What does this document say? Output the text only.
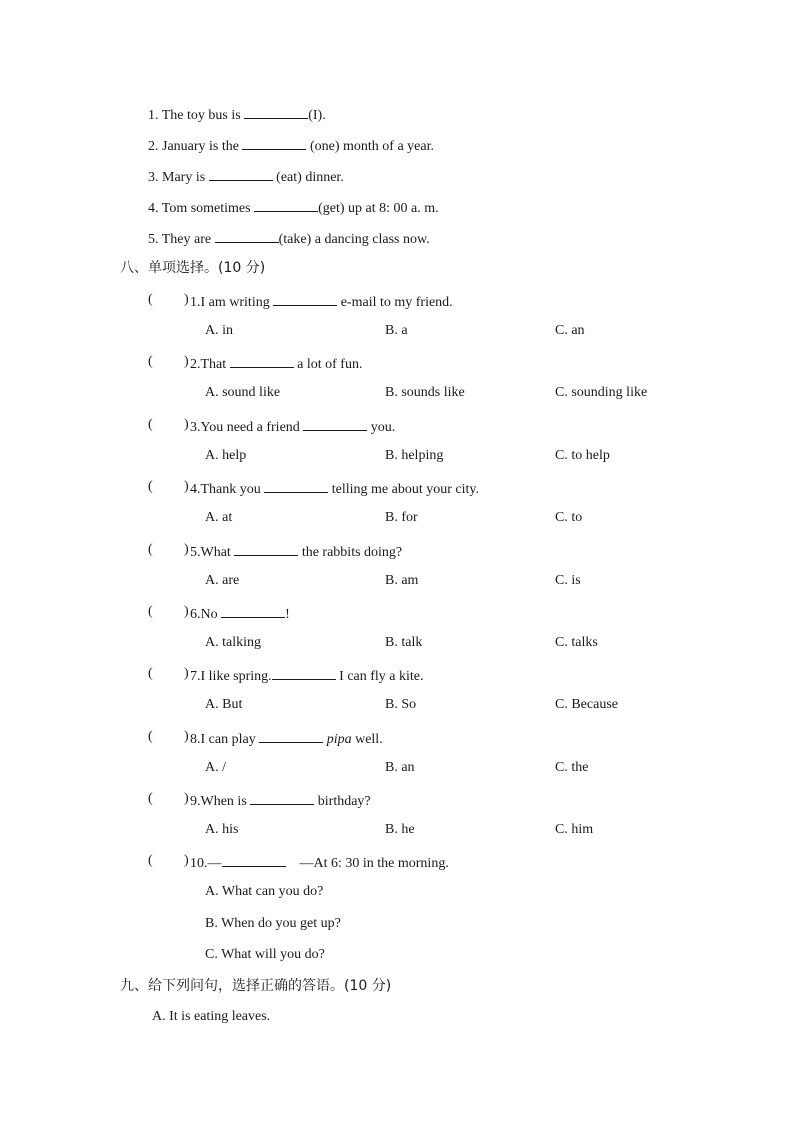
1. The toy bus is	(I).
2. January is the	(one) month of a year.
3. Mary is	(eat) dinner.
4. Tom sometimes	(get) up at 8: 00 a. m.
5. They are	(take) a dancing class now.
八、单项选择。(10 分)
( ) 1.I am writing	e-mail to my friend.
A. in	B. a	C. an
( ) 2.That	a lot of fun.
A. sound like	B. sounds like	C. sounding like
( ) 3.You need a friend	you.
A. help	B. helping	C. to help
( ) 4.Thank you	telling me about your city.
A. at	B. for	C. to
( ) 5.What	the rabbits doing?
A. are	B. am	C. is
( ) 6.No	!
A. talking	B. talk	C. talks
( ) 7.I like spring.	I can fly a kite.
A. But	B. So	C. Because
( ) 8.I can play	pipa well.
A. /	B. an	C. the
( ) 9.When is	birthday?
A. his	B. he	C. him
( ) 10.—	—At 6: 30 in the morning.
A. What can you do?
B. When do you get up?
C. What will you do?
九、给下列问句，选择正确的答语。(10 分)
A. It is eating leaves.
